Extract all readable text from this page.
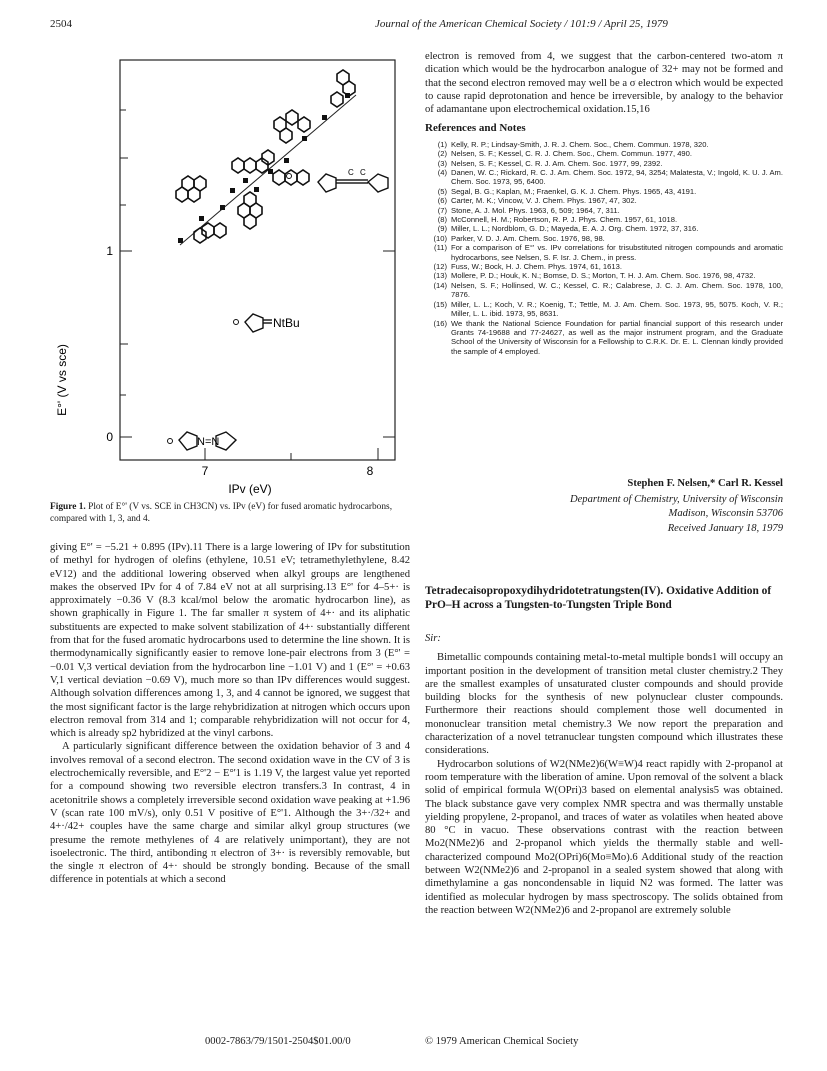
2504	Journal of the American Chemical Society / 101:9 / April 25, 1979
1
0
7	8
IPv (eV)
E°' (V vs sce)
C C
NtBu
N=N
Figure 1. Plot of E°' (V vs. SCE in CH3CN) vs. IPv (eV) for fused aromatic hydrocarbons, compared with 1, 3, and 4.

giving E°' = −5.21 + 0.895 (IPv).11 There is a large lowering of IPv for substitution of methyl for hydrogen of olefins (ethylene, 10.51 eV; tetramethylethylene, 8.42 eV12) and the additional lowering observed when alkyl groups are lengthened makes the observed IPv for 4 of 7.84 eV not at all surprising.13 E°' for 4–5+· is approximately −0.36 V (8.3 kcal/mol below the aromatic hydrocarbon line), as shown graphically in Figure 1. The far smaller π system of 4+· and its aliphatic substituents are expected to make solvent stabilization of 4+· substantially different from that for the fused aromatic hydrocarbons used to determine the line shown. It is thermodynamically significantly easier to remove lone-pair electrons from 3 (E°' = −0.01 V,3 vertical deviation from the hydrocarbon line −1.01 V) and 1 (E°' = +0.63 V,1 vertical deviation −0.69 V), much more so than IPv differences would suggest. Although solvation differences among 1, 3, and 4 cannot be ignored, we suggest that the most significant factor is the large rehybridization at nitrogen which occurs upon electron removal from 314 and 1; comparable rehybridization will not occur for 4, which is already sp2 hybridized at the vinyl carbons.

A particularly significant difference between the oxidation behavior of 3 and 4 involves removal of a second electron. The second oxidation wave in the CV of 3 is electrochemically reversible, and E°'2 − E°'1 is 1.19 V, the largest value yet reported for a compound showing two reversible electron transfers.3 In contrast, 4 in acetonitrile shows a completely irreversible second oxidation wave peaking at +1.96 V (scan rate 100 mV/s), only 0.51 V positive of E°'1. Although the 3+·/32+ and 4+·/42+ couples have the same charge and similar alkyl group structures (we presume the remote methylenes of 4 are relatively unimportant), they are not isoelectronic. The third, antibonding π electron of 3+· is reversibly removable, but the single π electron of 4+· should be strongly bonding. Because of the small difference in potentials at which a second

electron is removed from 4, we suggest that the carbon-centered two-atom π dication which would be the hydrocarbon analogue of 32+ may not be formed and that the second electron removed may well be a σ electron which would be expected to cause rapid deprotonation and hence be irreversible, by analogy to the behavior of adamantane upon electrochemical oxidation.15,16

References and Notes
(1) Kelly, R. P.; Lindsay-Smith, J. R. J. Chem. Soc., Chem. Commun. 1978, 320.
(2) Nelsen, S. F.; Kessel, C. R. J. Chem. Soc., Chem. Commun. 1977, 490.
(3) Nelsen, S. F.; Kessel, C. R. J. Am. Chem. Soc. 1977, 99, 2392.
(4) Danen, W. C.; Rickard, R. C. J. Am. Chem. Soc. 1972, 94, 3254; Malatesta, V.; Ingold, K. U. J. Am. Chem. Soc. 1973, 95, 6400.
(5) Segal, B. G.; Kaplan, M.; Fraenkel, G. K. J. Chem. Phys. 1965, 43, 4191.
(6) Carter, M. K.; Vincow, V. J. Chem. Phys. 1967, 47, 302.
(7) Stone, A. J. Mol. Phys. 1963, 6, 509; 1964, 7, 311.
(8) McConnell, H. M.; Robertson, R. P. J. Phys. Chem. 1957, 61, 1018.
(9) Miller, L. L.; Nordblom, G. D.; Mayeda, E. A. J. Org. Chem. 1972, 37, 316.
(10) Parker, V. D. J. Am. Chem. Soc. 1976, 98, 98.
(11) For a comparison of E°' vs. IPv correlations for trisubstituted nitrogen compounds and aromatic hydrocarbons, see Nelsen, S. F. Isr. J. Chem., in press.
(12) Fuss, W.; Bock, H. J. Chem. Phys. 1974, 61, 1613.
(13) Mollere, P. D.; Houk, K. N.; Bomse, D. S.; Morton, T. H. J. Am. Chem. Soc. 1976, 98, 4732.
(14) Nelsen, S. F.; Hollinsed, W. C.; Kessel, C. R.; Calabrese, J. C. J. Am. Chem. Soc. 1978, 100, 7876.
(15) Miller, L. L.; Koch, V. R.; Koenig, T.; Tettle, M. J. Am. Chem. Soc. 1973, 95, 5075. Koch, V. R.; Miller, L. L. ibid. 1973, 95, 8631.
(16) We thank the National Science Foundation for partial financial support of this research under Grants 74-19688 and 77-24627, as well as the major instrument program, and the Graduate School of the University of Wisconsin for a Fellowship to C.R.K. Dr. E. L. Clennan kindly provided the sample of 4 employed.
Stephen F. Nelsen,* Carl R. Kessel
Department of Chemistry, University of Wisconsin
Madison, Wisconsin 53706
Received January 18, 1979
Tetradecaisopropoxydihydridotetratungsten(IV). Oxidative Addition of PrO–H across a Tungsten-to-Tungsten Triple Bond

Sir:

Bimetallic compounds containing metal-to-metal multiple bonds1 will occupy an important position in the development of transition metal cluster chemistry.2 They are the smallest examples of unsaturated cluster compounds and should provide building blocks for the synthesis of new polynuclear cluster compounds. Furthermore their reactions should complement those well documented in mononuclear transition metal chemistry.3 We now report the preparation and characterization of a novel tetranuclear tungsten compound which illustrates these considerations.

Hydrocarbon solutions of W2(NMe2)6(W≡W)4 react rapidly with 2-propanol at room temperature with the liberation of amine. Upon removal of the solvent a black solid of empirical formula W(OPri)3 based on elemental analysis5 was obtained. The black substance gave very complex NMR spectra and was thermally unstable yielding propylene, 2-propanol, and traces of water as volatiles when heated above 80 °C in vacuo. These observations contrast with the reaction between Mo2(NMe2)6 and 2-propanol which yields the thermally stable and well-characterized compound Mo2(OPri)6(Mo≡Mo).6 Additional study of the reaction between W2(NMe2)6 and 2-propanol in a sealed system showed that along with dimethylamine a gas noncondensable in liquid N2 was formed. The latter was identified as molecular hydrogen by mass spectroscopy. The solids obtained from the reaction between W2(NMe2)6 and 2-propanol are extremely soluble

0002-7863/79/1501-2504$01.00/0	© 1979 American Chemical Society
